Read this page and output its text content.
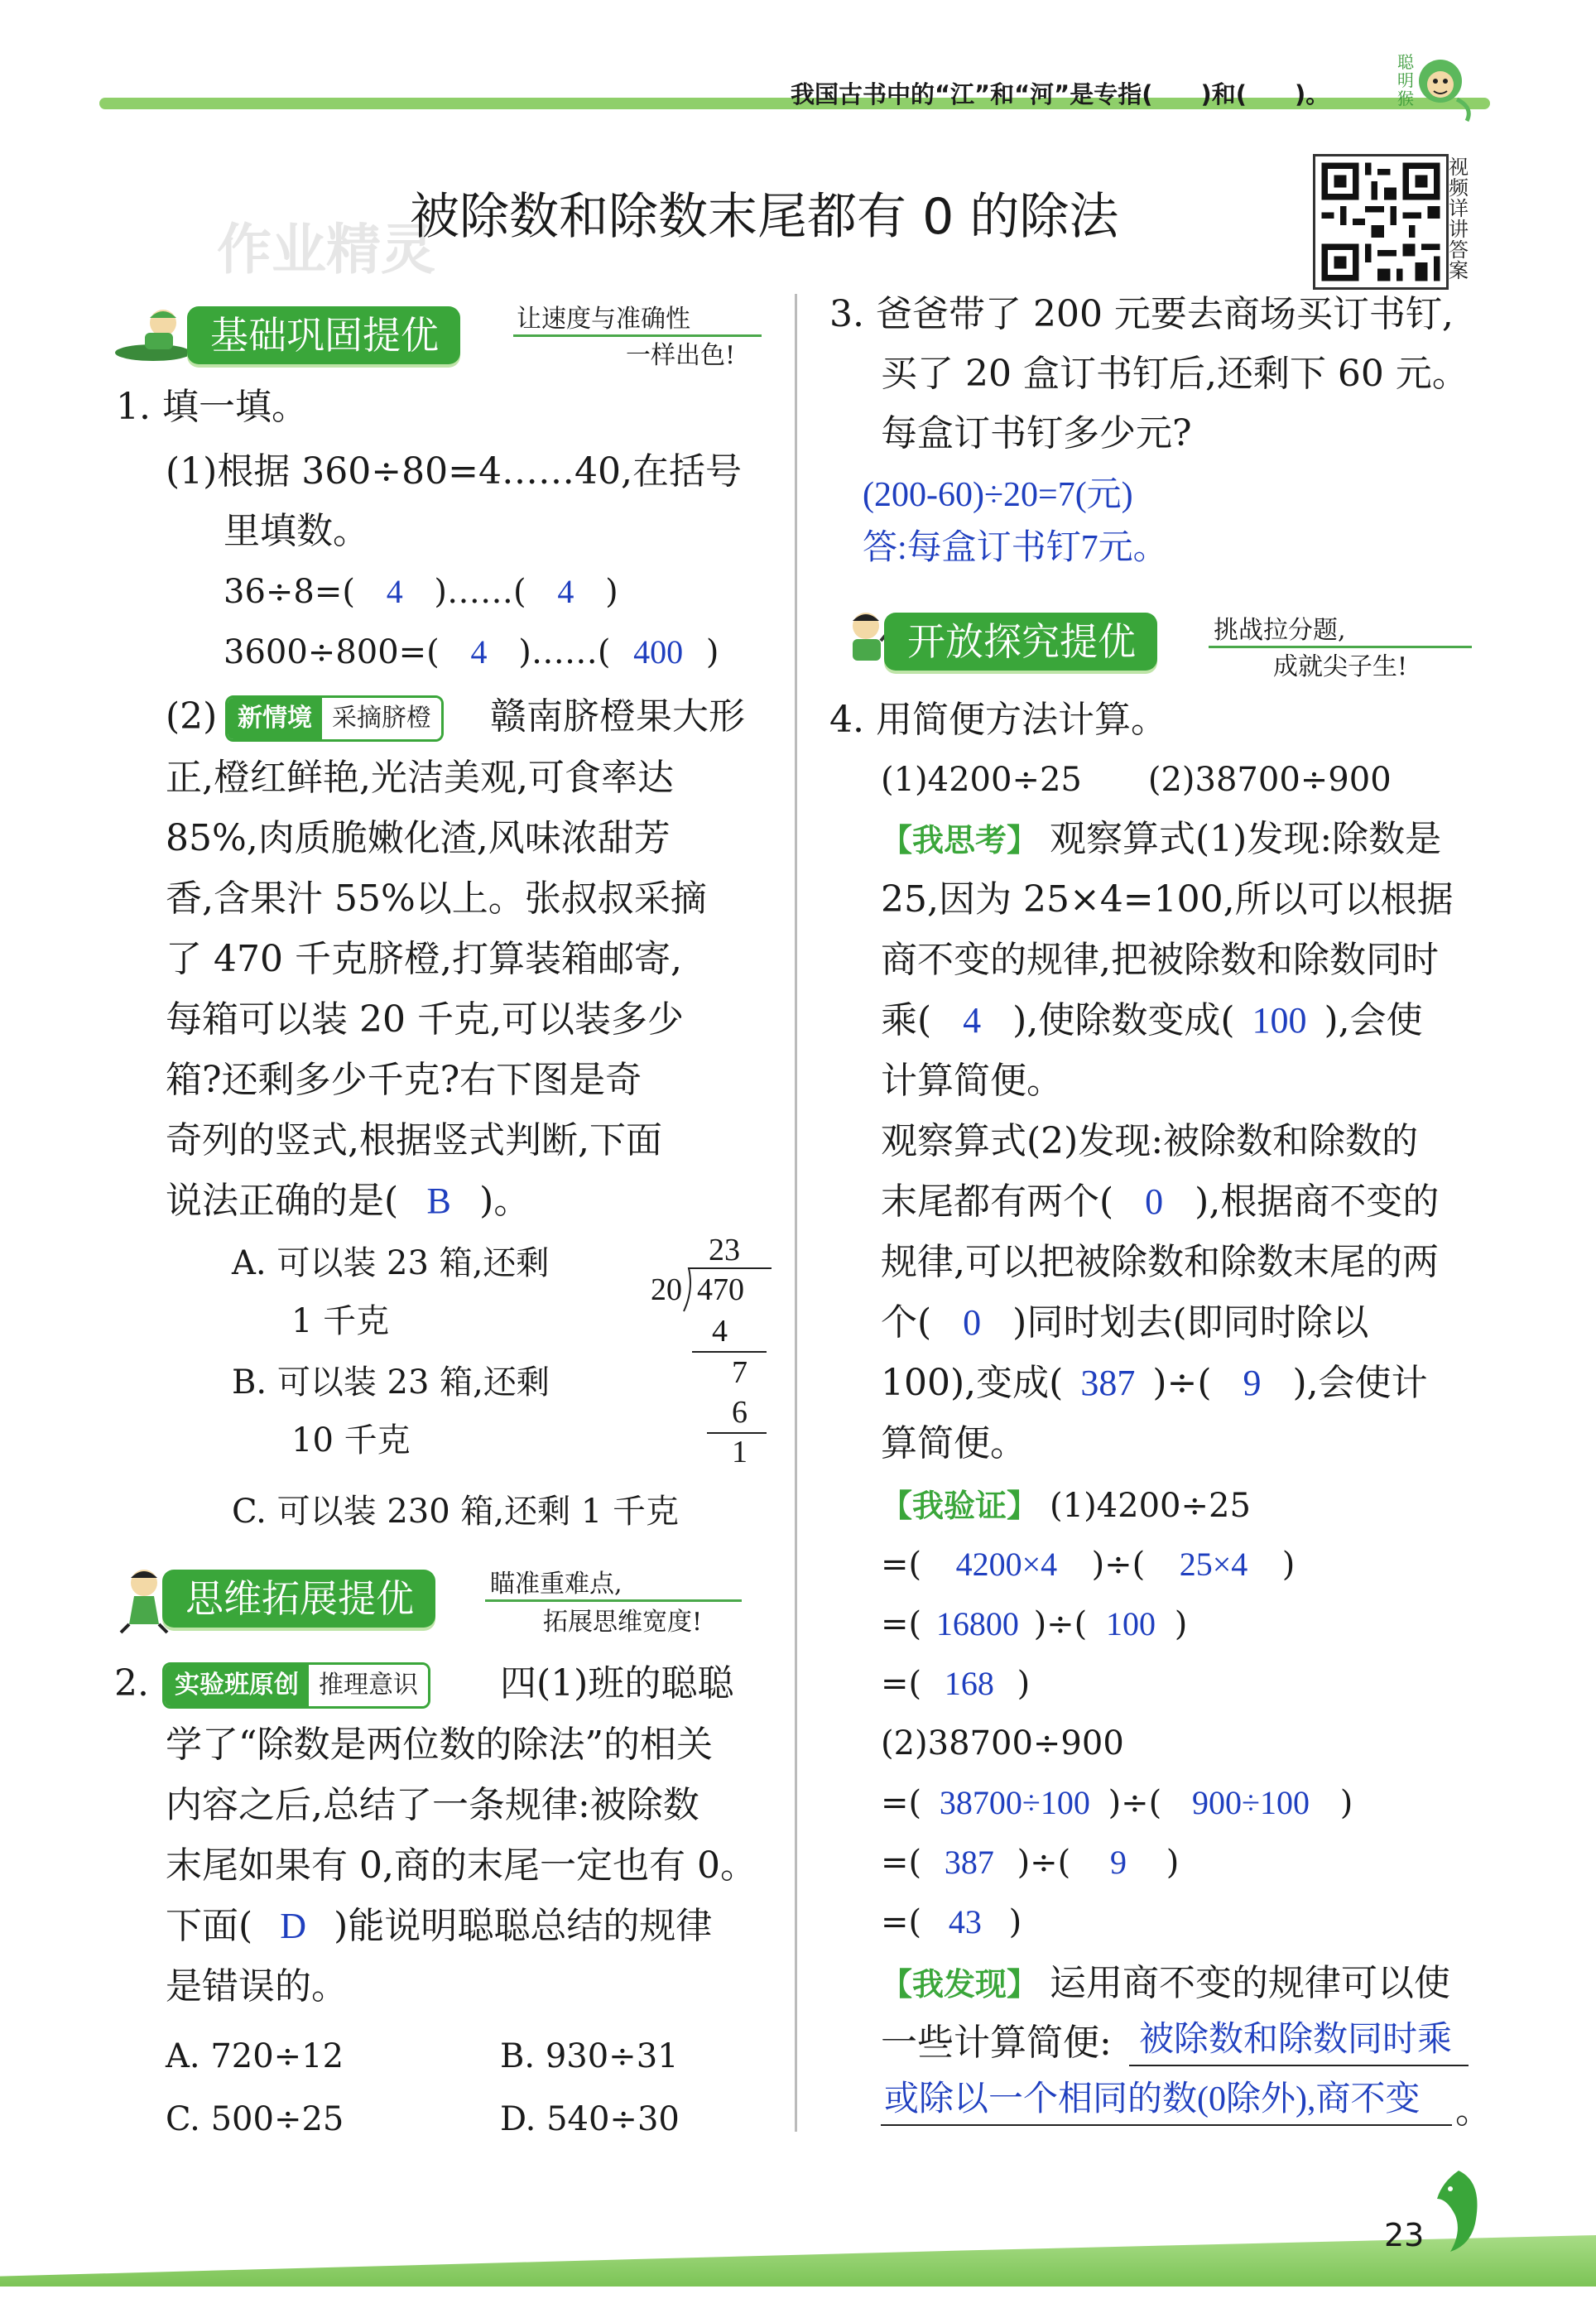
我国古书中的“江”和“河”是专指(　　)和(　　)。
聪明猴
作业精灵
被除数和除数末尾都有 0 的除法
视频详讲答案
基础巩固提优	让速度与准确性
一样出色!
1. 填一填。
(1)根据 360÷80=4……40,在括号
里填数。
36÷8=( 4 )……( 4 )
3600÷800=( 4 )……( 400 )
(2) 新情境 采摘脐橙 赣南脐橙果大形
正,橙红鲜艳,光洁美观,可食率达
85%,肉质脆嫩化渣,风味浓甜芳
香,含果汁 55%以上。张叔叔采摘
了 470 千克脐橙,打算装箱邮寄,
每箱可以装 20 千克,可以装多少
箱?还剩多少千克?右下图是奇
奇列的竖式,根据竖式判断,下面
说法正确的是( B )。
A. 可以装 23 箱,还剩
1 千克
B. 可以装 23 箱,还剩
10 千克
C. 可以装 230 箱,还剩 1 千克
23
20 470
4
7
6
1
思维拓展提优	瞄准重难点,
拓展思维宽度!
2.	实验班原创 推理意识 四(1)班的聪聪
学了“除数是两位数的除法”的相关
内容之后,总结了一条规律:被除数
末尾如果有 0,商的末尾一定也有 0。
下面( D )能说明聪聪总结的规律
是错误的。
A. 720÷12	B. 930÷31
C. 500÷25	D. 540÷30
3. 爸爸带了 200 元要去商场买订书钉,
买了 20 盒订书钉后,还剩下 60 元。
每盒订书钉多少元?
(200-60)÷20=7(元)
答:每盒订书钉7元。
开放探究提优	挑战拉分题,
成就尖子生!
4. 用简便方法计算。
(1)4200÷25　　(2)38700÷900
【我思考】 观察算式(1)发现:除数是
25,因为 25×4=100,所以可以根据
商不变的规律,把被除数和除数同时
乘( 4 ),使除数变成( 100 ),会使
计算简便。
观察算式(2)发现:被除数和除数的
末尾都有两个( 0 ),根据商不变的
规律,可以把被除数和除数末尾的两
个( 0 )同时划去(即同时除以
100),变成( 387 )÷( 9 ),会使计
算简便。
【我验证】 (1)4200÷25
=( 4200×4 )÷( 25×4 )
=( 16800 )÷( 100 )
=( 168 )
(2)38700÷900
=( 38700÷100 )÷( 900÷100 )
=( 387 )÷( 9 )
=( 43 )
【我发现】 运用商不变的规律可以使
一些计算简便: 被除数和除数同时乘
或除以一个相同的数(0除外),商不变 。
23
